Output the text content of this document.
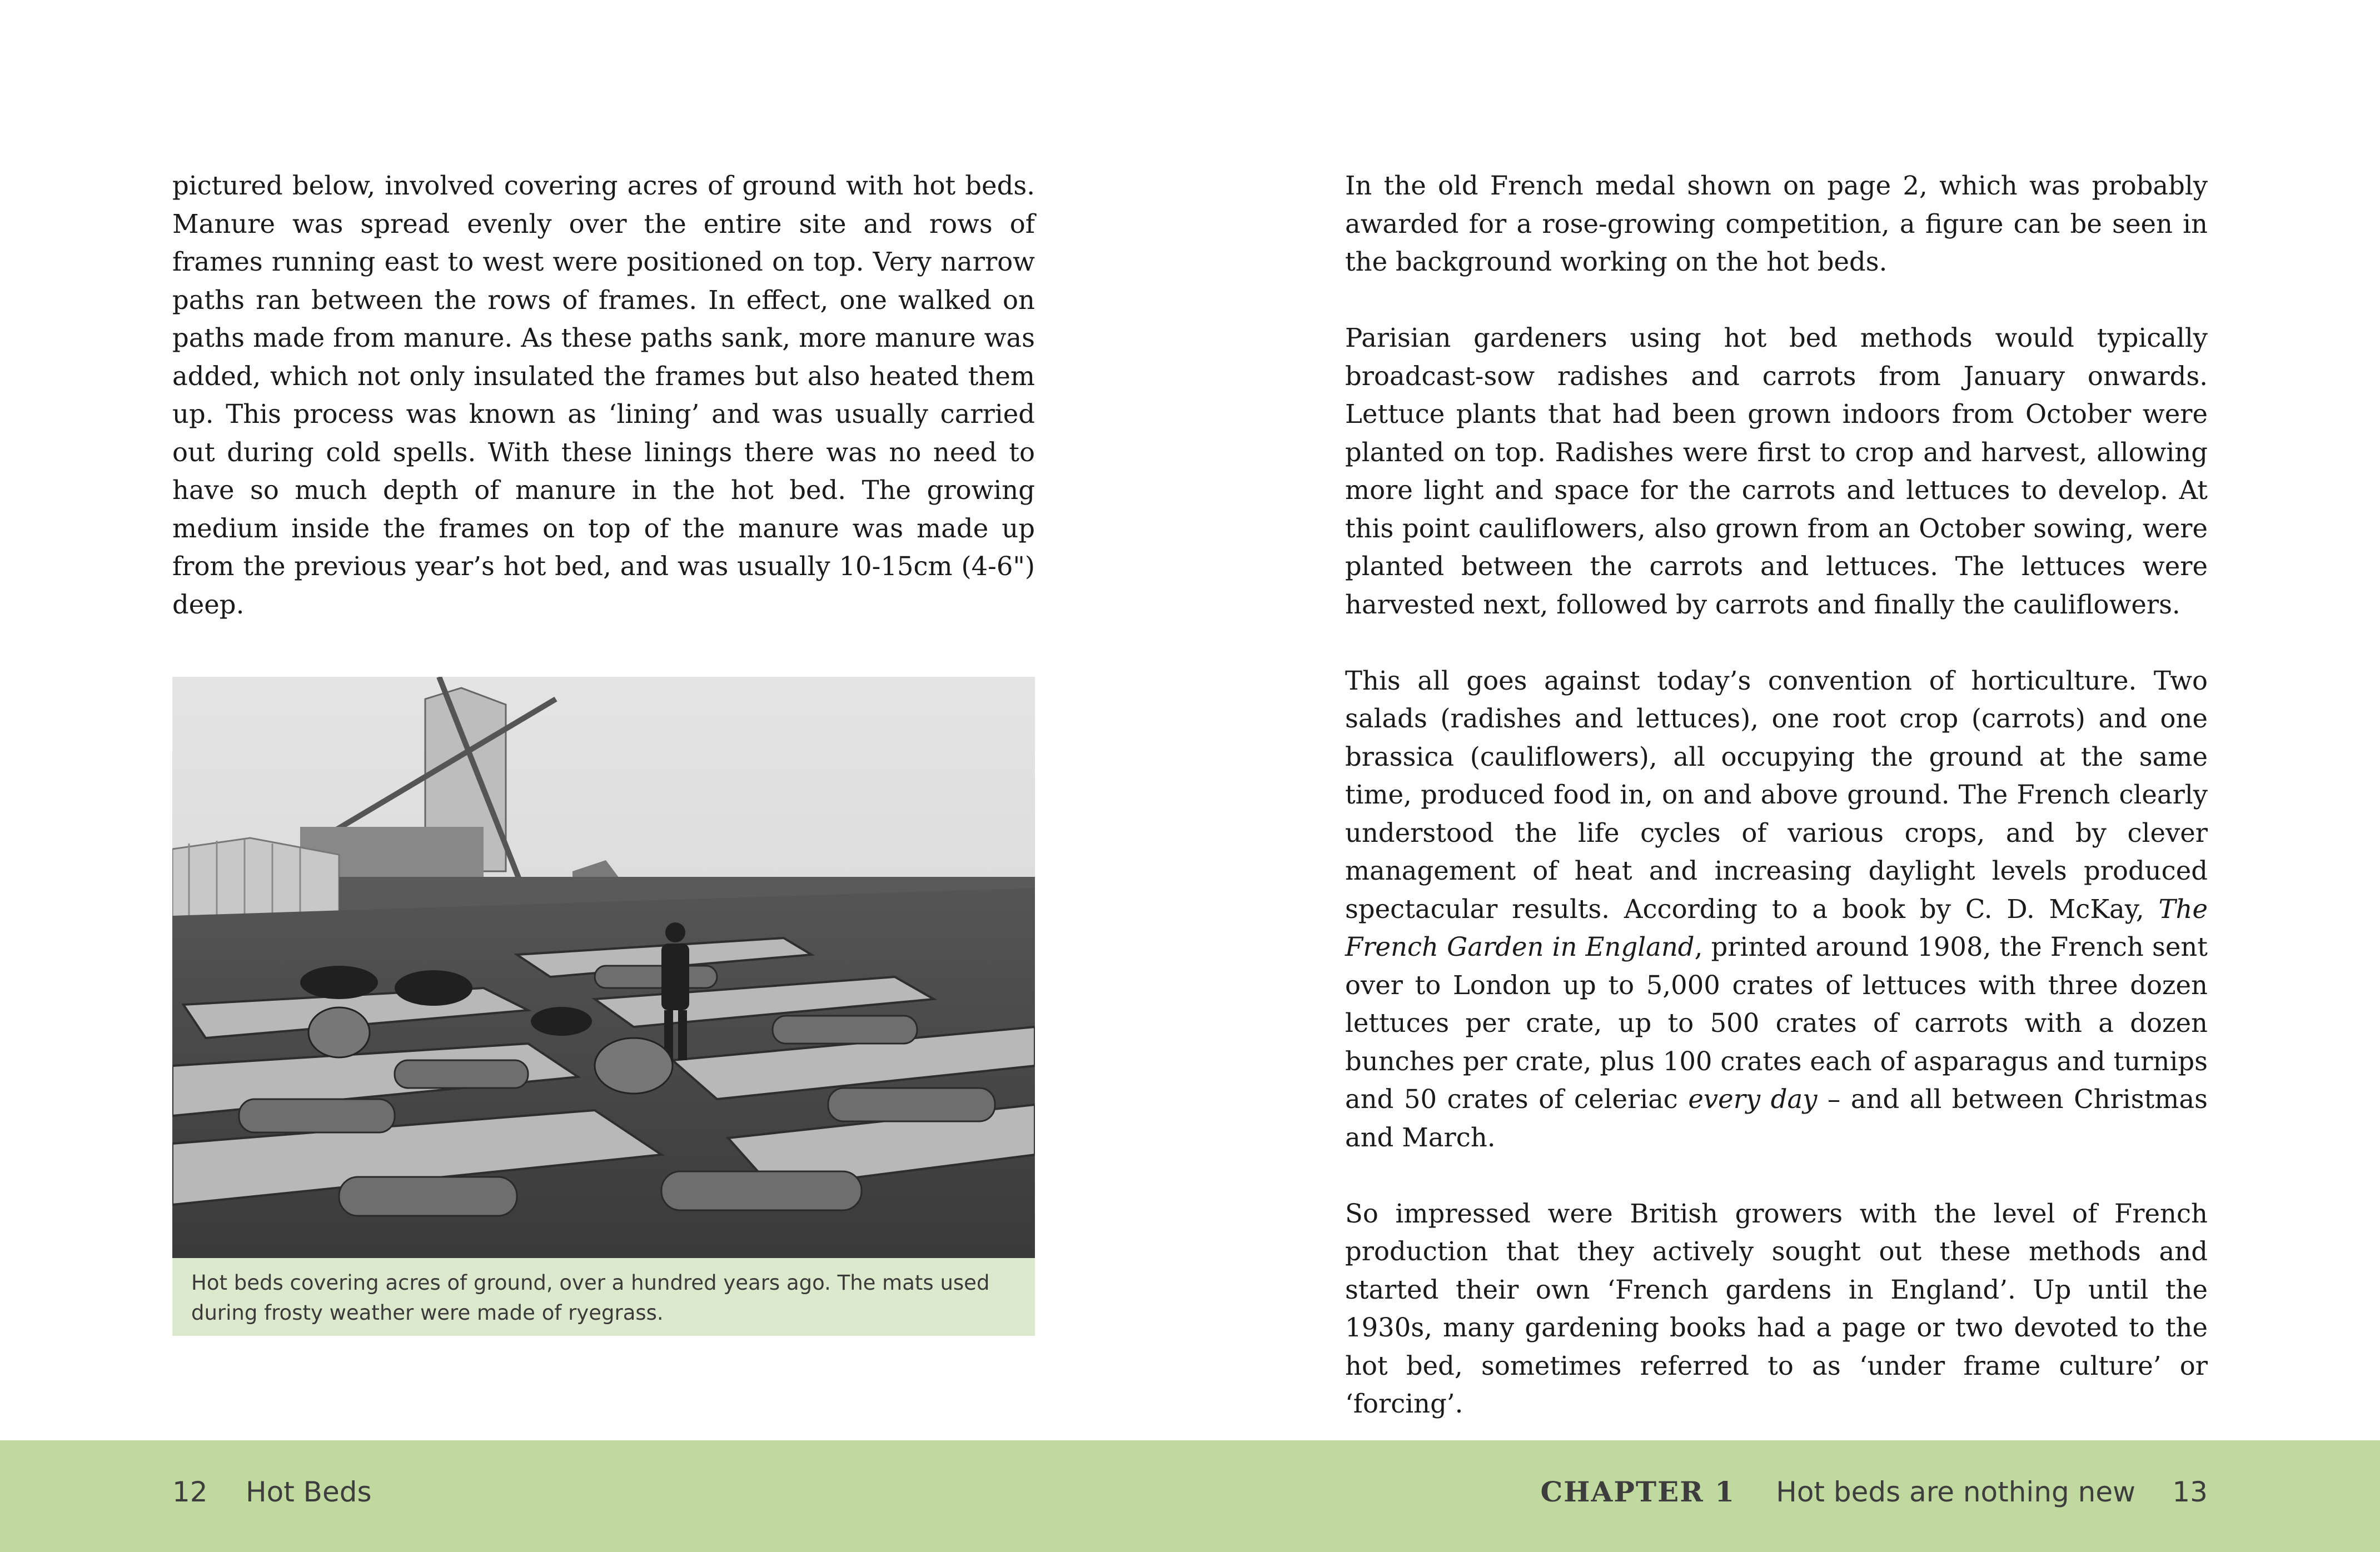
pictured below, involved covering acres of ground with hot beds. Manure was spread evenly over the entire site and rows of frames running east to west were positioned on top. Very narrow paths ran between the rows of frames. In effect, one walked on paths made from manure. As these paths sank, more manure was added, which not only insulated the frames but also heated them up. This process was known as ‘lining’ and was usually carried out during cold spells. With these linings there was no need to have so much depth of manure in the hot bed. The growing medium inside the frames on top of the manure was made up from the previous year’s hot bed, and was usually 10-15cm (4-6") deep.

Hot beds covering acres of ground, over a hundred years ago. The mats used during frosty weather were made of ryegrass.

In the old French medal shown on page 2, which was probably awarded for a rose-growing competition, a figure can be seen in the background working on the hot beds.

Parisian gardeners using hot bed methods would typically broadcast-sow radishes and carrots from January onwards. Lettuce plants that had been grown indoors from October were planted on top. Radishes were first to crop and harvest, allowing more light and space for the carrots and lettuces to develop. At this point cauliflowers, also grown from an October sowing, were planted between the carrots and lettuces. The lettuces were harvested next, followed by carrots and finally the cauliflowers.

This all goes against today’s convention of horticulture. Two salads (radishes and lettuces), one root crop (carrots) and one brassica (cauliflowers), all occupying the ground at the same time, produced food in, on and above ground. The French clearly understood the life cycles of various crops, and by clever management of heat and increasing daylight levels produced spectacular results. According to a book by C. D. McKay, The French Garden in England, printed around 1908, the French sent over to London up to 5,000 crates of lettuces with three dozen lettuces per crate, up to 500 crates of carrots with a dozen bunches per crate, plus 100 crates each of asparagus and turnips and 50 crates of celeriac every day – and all between Christmas and March.

So impressed were British growers with the level of French production that they actively sought out these methods and started their own ‘French gardens in England’. Up until the 1930s, many gardening books had a page or two devoted to the hot bed, sometimes referred to as ‘under frame culture’ or ‘forcing’.

12 Hot Beds	CHAPTER 1 Hot beds are nothing new 13
